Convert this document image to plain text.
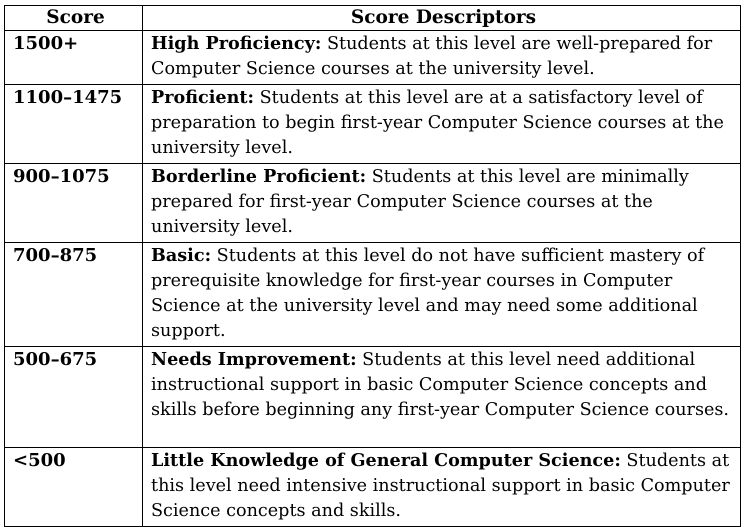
Score	Score Descriptors
1500+	High Proficiency: Students at this level are well-prepared for Computer Science courses at the university level.
1100–1475	Proficient: Students at this level are at a satisfactory level of preparation to begin first-year Computer Science courses at the university level.
900–1075	Borderline Proficient: Students at this level are minimally prepared for first-year Computer Science courses at the university level.
700–875	Basic: Students at this level do not have sufficient mastery of prerequisite knowledge for first-year courses in Computer Science at the university level and may need some additional support.
500–675	Needs Improvement: Students at this level need additional instructional support in basic Computer Science concepts and skills before beginning any first-year Computer Science courses.
<500	Little Knowledge of General Computer Science: Students at this level need intensive instructional support in basic Computer Science concepts and skills.
